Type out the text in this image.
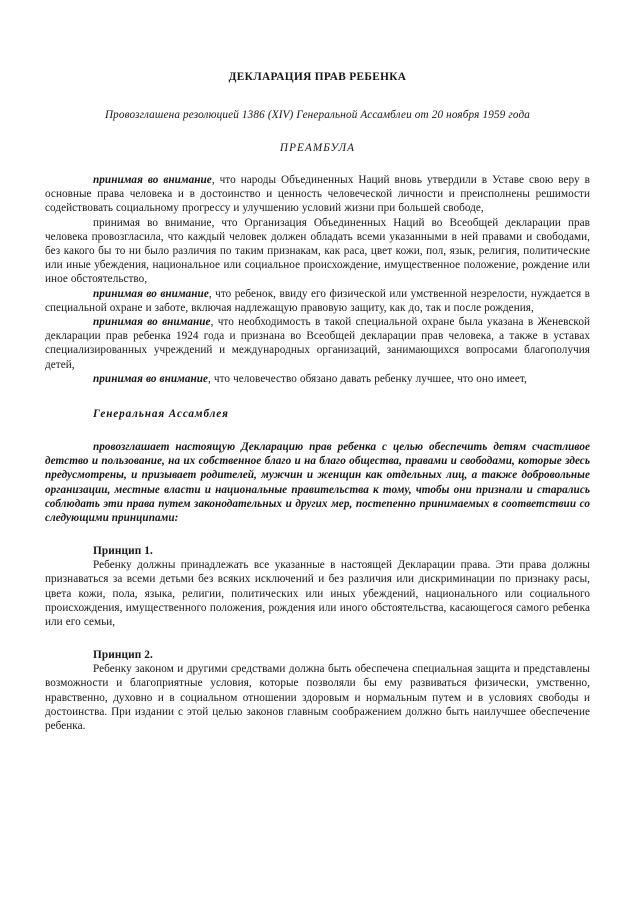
ДЕКЛАРАЦИЯ ПРАВ РЕБЕНКА
Провозглашена резолюцией 1386 (XIV) Генеральной Ассамблеи от 20 ноября 1959 года
ПРЕАМБУЛА

принимая во внимание, что народы Объединенных Наций вновь утвердили в Уставе свою веру в основные права человека и в достоинство и ценность человеческой личности и преисполнены решимости содействовать социальному прогрессу и улучшению условий жизни при большей свободе,

принимая во внимание, что Организация Объединенных Наций во Всеобщей декларации прав человека провозгласила, что каждый человек должен обладать всеми указанными в ней правами и свободами, без какого бы то ни было различия по таким признакам, как раса, цвет кожи, пол, язык, религия, политические или иные убеждения, национальное или социальное происхождение, имущественное положение, рождение или иное обстоятельство,

принимая во внимание, что ребенок, ввиду его физической или умственной незрелости, нуждается в специальной охране и заботе, включая надлежащую правовую защиту, как до, так и после рождения,

принимая во внимание, что необходимость в такой специальной охране была указана в Женевской декларации прав ребенка 1924 года и признана во Всеобщей декларации прав человека, а также в уставах специализированных учреждений и международных организаций, занимающихся вопросами благополучия детей,

принимая во внимание, что человечество обязано давать ребенку лучшее, что оно имеет,

Генеральная Ассамблея

провозглашает настоящую Декларацию прав ребенка с целью обеспечить детям счастливое детство и пользование, на их собственное благо и на благо общества, правами и свободами, которые здесь предусмотрены, и призывает родителей, мужчин и женщин как отдельных лиц, а также добровольные организации, местные власти и национальные правительства к тому, чтобы они признали и старались соблюдать эти права путем законодательных и других мер, постепенно принимаемых в соответствии со следующими принципами:

Принцип 1.

Ребенку должны принадлежать все указанные в настоящей Декларации права. Эти права должны признаваться за всеми детьми без всяких исключений и без различия или дискриминации по признаку расы, цвета кожи, пола, языка, религии, политических или иных убеждений, национального или социального происхождения, имущественного положения, рождения или иного обстоятельства, касающегося самого ребенка или его семьи,

Принцип 2.

Ребенку законом и другими средствами должна быть обеспечена специальная защита и представлены возможности и благоприятные условия, которые позволяли бы ему развиваться физически, умственно, нравственно, духовно и в социальном отношении здоровым и нормальным путем и в условиях свободы и достоинства. При издании с этой целью законов главным соображением должно быть наилучшее обеспечение ребенка.
